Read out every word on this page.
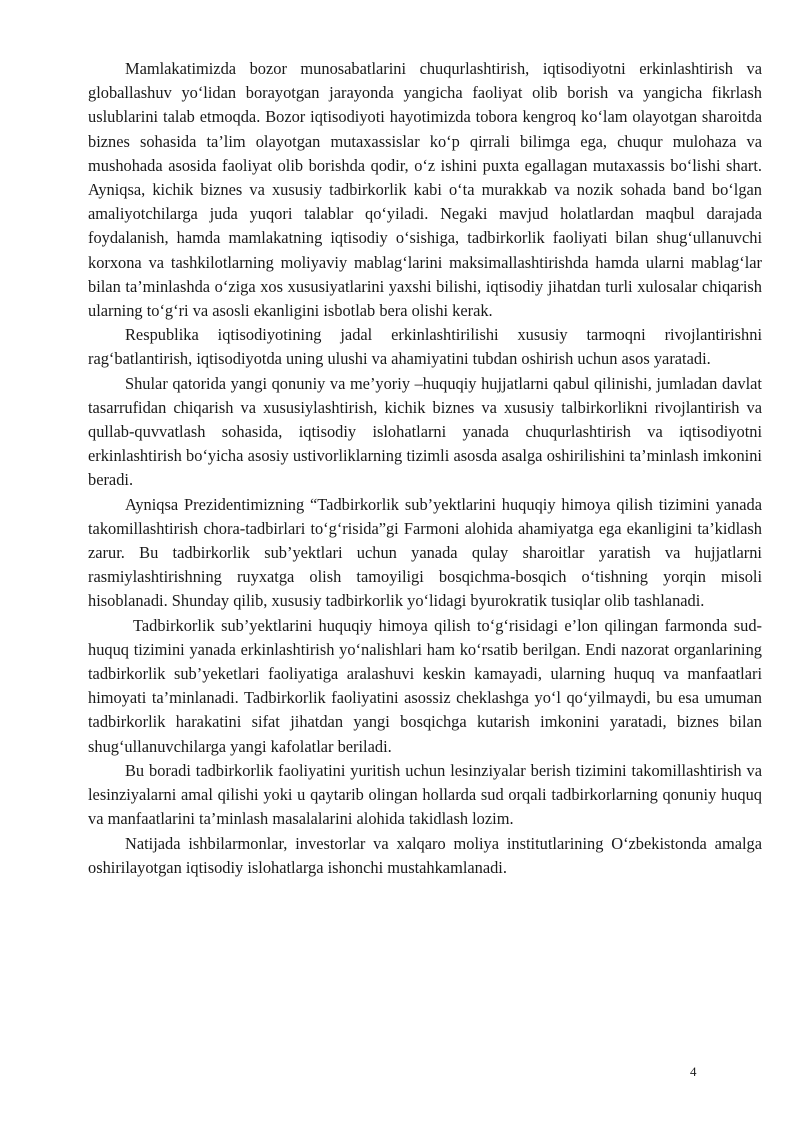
Mamlakatimizda bozor munosabatlarini chuqurlashtirish, iqtisodiyotni erkinlashtirish va globallashuv yo‘lidan borayotgan jarayonda yangicha faoliyat olib borish va yangicha fikrlash uslublarini talab etmoqda. Bozor iqtisodiyoti hayotimizda tobora kengroq ko‘lam olayotgan sharoitda biznes sohasida ta’lim olayotgan mutaxassislar ko‘p qirrali bilimga ega, chuqur mulohaza va mushohada asosida faoliyat olib borishda qodir, o‘z ishini puxta egallagan mutaxassis bo‘lishi shart. Ayniqsa, kichik biznes va xususiy tadbirkorlik kabi o‘ta murakkab va nozik sohada band bo‘lgan amaliyotchilarga juda yuqori talablar qo‘yiladi. Negaki mavjud holatlardan maqbul darajada foydalanish, hamda mamlakatning iqtisodiy o‘sishiga, tadbirkorlik faoliyati bilan shug‘ullanuvchi korxona va tashkilotlarning moliyaviy mablag‘larini maksimallashtirishda hamda ularni mablag‘lar bilan ta’minlashda o‘ziga xos xususiyatlarini yaxshi bilishi, iqtisodiy jihatdan turli xulosalar chiqarish ularning to‘g‘ri va asosli ekanligini isbotlab bera olishi kerak.

Respublika iqtisodiyotining jadal erkinlashtirilishi xususiy tarmoqni rivojlantirishni rag‘batlantirish, iqtisodiyotda uning ulushi va ahamiyatini tubdan oshirish uchun asos yaratadi.

Shular qatorida yangi qonuniy va me’yoriy –huquqiy hujjatlarni qabul qilinishi, jumladan davlat tasarrufidan chiqarish va xususiylashtirish, kichik biznes va xususiy talbirkorlikni rivojlantirish va qullab-quvvatlash sohasida, iqtisodiy islohatlarni yanada chuqurlashtirish va iqtisodiyotni erkinlashtirish bo‘yicha asosiy ustivorliklarning tizimli asosda asalga oshirilishini ta’minlash imkonini beradi.

Ayniqsa Prezidentimizning “Tadbirkorlik sub’yektlarini huquqiy himoya qilish tizimini yanada takomillashtirish chora-tadbirlari to‘g‘risida”gi Farmoni alohida ahamiyatga ega ekanligini ta’kidlash zarur. Bu tadbirkorlik sub’yektlari uchun yanada qulay sharoitlar yaratish va hujjatlarni rasmiylashtirishning ruyxatga olish tamoyiligi bosqichma-bosqich o‘tishning yorqin misoli hisoblanadi. Shunday qilib, xususiy tadbirkorlik yo‘lidagi byurokratik tusiqlar olib tashlanadi.

Tadbirkorlik sub’yektlarini huquqiy himoya qilish to‘g‘risidagi e’lon qilingan farmonda sud-huquq tizimini yanada erkinlashtirish yo‘nalishlari ham ko‘rsatib berilgan. Endi nazorat organlarining tadbirkorlik sub’yeketlari faoliyatiga aralashuvi keskin kamayadi, ularning huquq va manfaatlari himoyati ta’minlanadi. Tadbirkorlik faoliyatini asossiz cheklashga yo‘l qo‘yilmaydi, bu esa umuman tadbirkorlik harakatini sifat jihatdan yangi bosqichga kutarish imkonini yaratadi, biznes bilan shug‘ullanuvchilarga yangi kafolatlar beriladi.

Bu boradi tadbirkorlik faoliyatini yuritish uchun lesinziyalar berish tizimini takomillashtirish va lesinziyalarni amal qilishi yoki u qaytarib olingan hollarda sud orqali tadbirkorlarning qonuniy huquq va manfaatlarini ta’minlash masalalarini alohida takidlash lozim.

Natijada ishbilarmonlar, investorlar va xalqaro moliya institutlarining O‘zbekistonda amalga oshirilayotgan iqtisodiy islohatlarga ishonchi mustahkamlanadi.

4
